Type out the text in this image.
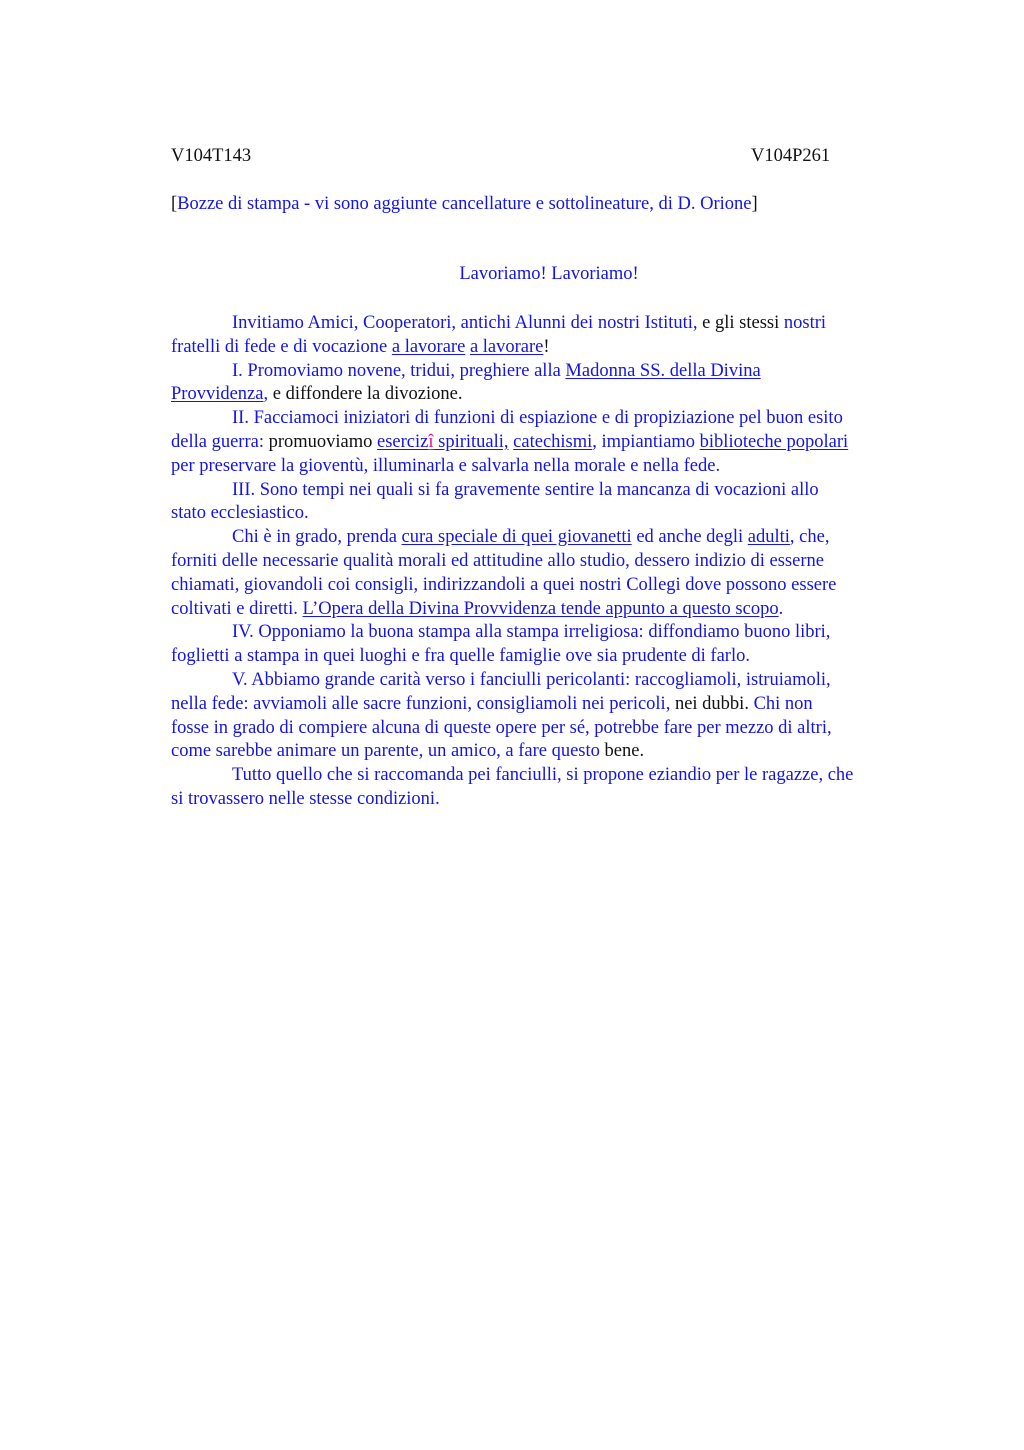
V104T143	V104P261
[Bozze di stampa - vi sono aggiunte cancellature e sottolineature, di D. Orione]
Lavoriamo! Lavoriamo!
Invitiamo Amici, Cooperatori, antichi Alunni dei nostri Istituti, e gli stessi nostri
fratelli di fede e di vocazione a lavorare a lavorare!
I. Promoviamo novene, tridui, preghiere alla Madonna SS. della Divina
Provvidenza, e diffondere la divozione.
II. Facciamoci iniziatori di funzioni di espiazione e di propiziazione pel buon esito
della guerra: promuoviamo esercizî spirituali, catechismi, impiantiamo biblioteche popolari
per preservare la gioventù, illuminarla e salvarla nella morale e nella fede.
III. Sono tempi nei quali si fa gravemente sentire la mancanza di vocazioni allo
stato ecclesiastico.
Chi è in grado, prenda cura speciale di quei giovanetti ed anche degli adulti, che,
forniti delle necessarie qualità morali ed attitudine allo studio, dessero indizio di esserne
chiamati, giovandoli coi consigli, indirizzandoli a quei nostri Collegi dove possono essere
coltivati e diretti. L’Opera della Divina Provvidenza tende appunto a questo scopo.
IV. Opponiamo la buona stampa alla stampa irreligiosa: diffondiamo buono libri,
foglietti a stampa in quei luoghi e fra quelle famiglie ove sia prudente di farlo.
V. Abbiamo grande carità verso i fanciulli pericolanti: raccogliamoli, istruiamoli,
nella fede: avviamoli alle sacre funzioni, consigliamoli nei pericoli, nei dubbi. Chi non
fosse in grado di compiere alcuna di queste opere per sé, potrebbe fare per mezzo di altri,
come sarebbe animare un parente, un amico, a fare questo bene.
Tutto quello che si raccomanda pei fanciulli, si propone eziandio per le ragazze, che
si trovassero nelle stesse condizioni.
